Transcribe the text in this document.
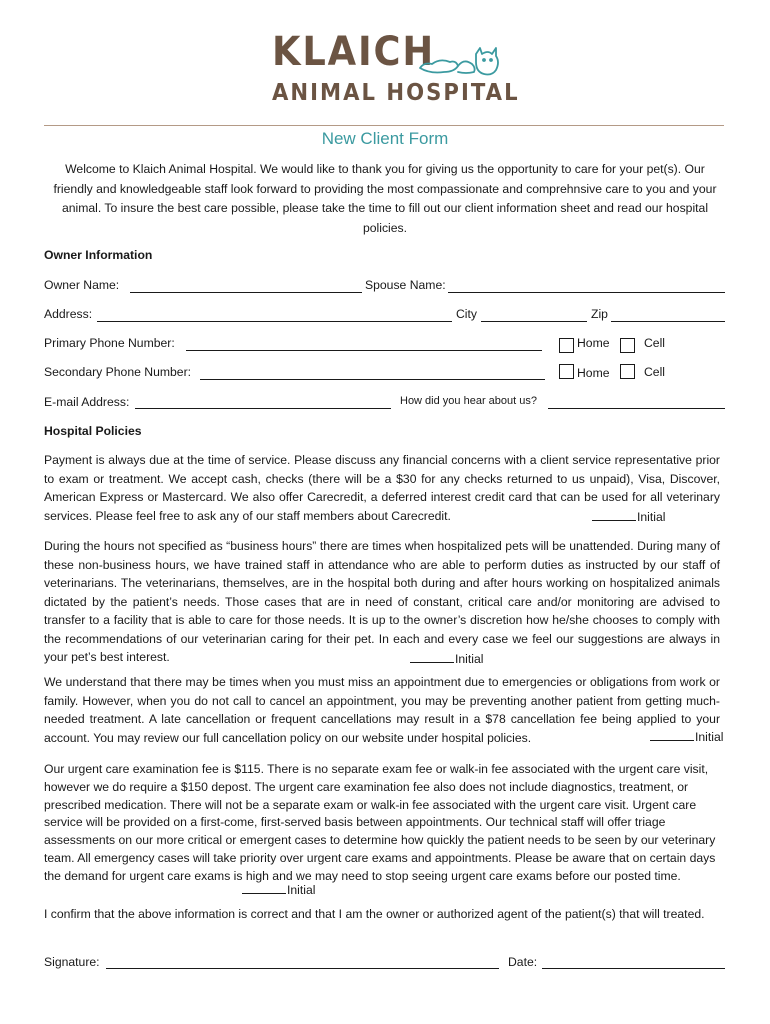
KLAICH
ANIMAL HOSPITAL
New Client Form
Welcome to Klaich Animal Hospital. We would like to thank you for giving us the opportunity to care for your pet(s). Our friendly and knowledgeable staff look forward to providing the most compassionate and comprehnsive care to you and your animal. To insure the best care possible, please take the time to fill out our client information sheet and read our hospital policies.
Owner Information
Owner Name:	Spouse Name:
Address:	City	Zip
Primary Phone Number:	Home	Cell
Secondary Phone Number:	Home	Cell
E-mail Address:	How did you hear about us?
Hospital Policies
Payment is always due at the time of service. Please discuss any financial concerns with a client service representative prior to exam or treatment. We accept cash, checks (there will be a $30 for any checks returned to us unpaid), Visa, Discover, American Express or Mastercard. We also offer Carecredit, a deferred interest credit card that can be used for all veterinary services. Please feel free to ask any of our staff members about Carecredit.	Initial
During the hours not specified as “business hours” there are times when hospitalized pets will be unattended. During many of these non-business hours, we have trained staff in attendance who are able to perform duties as instructed by our staff of veterinarians. The veterinarians, themselves, are in the hospital both during and after hours working on hospitalized animals dictated by the patient’s needs. Those cases that are in need of constant, critical care and/or monitoring are advised to transfer to a facility that is able to care for those needs. It is up to the owner’s discretion how he/she chooses to comply with the recommendations of our veterinarian caring for their pet. In each and every case we feel our suggestions are always in your pet’s best interest.	Initial
We understand that there may be times when you must miss an appointment due to emergencies or obligations from work or family. However, when you do not call to cancel an appointment, you may be preventing another patient from getting much-needed treatment. A late cancellation or frequent cancellations may result in a $78 cancellation fee being applied to your account. You may review our full cancellation policy on our website under hospital policies.	Initial
Our urgent care examination fee is $115. There is no separate exam fee or walk-in fee associated with the urgent care visit, however we do require a $150 depost. The urgent care examination fee also does not include diagnostics, treatment, or prescribed medication. There will not be a separate exam or walk-in fee associated with the urgent care visit. Urgent care service will be provided on a first-come, first-served basis between appointments. Our technical staff will offer triage assessments on our more critical or emergent cases to determine how quickly the patient needs to be seen by our veterinary team. All emergency cases will take priority over urgent care exams and appointments. Please be aware that on certain days the demand for urgent care exams is high and we may need to stop seeing urgent care exams before our posted time.
Initial
I confirm that the above information is correct and that I am the owner or authorized agent of the patient(s) that will treated.
Signature:	Date:
